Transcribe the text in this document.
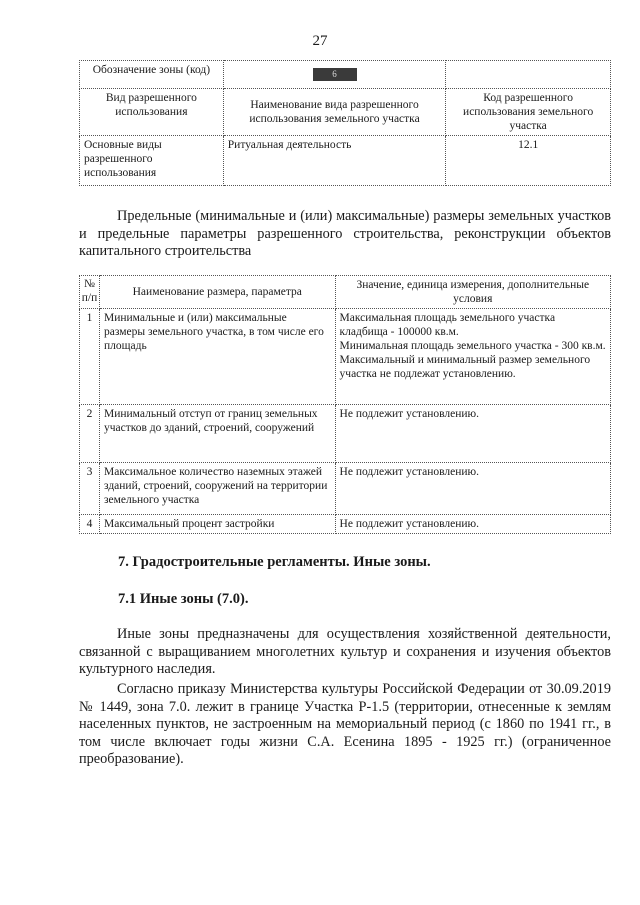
27
Обозначение зоны (код)	6	
Вид разрешенного использования	Наименование вида разрешенного использования земельного участка	Код разрешенного использования земельного участка
Основные виды разрешенного использования	Ритуальная деятельность	12.1
Предельные (минимальные и (или) максимальные) размеры земельных участков и предельные параметры разрешенного строительства, реконструкции объектов капитального строительства
№ п/п	Наименование размера, параметра	Значение, единица измерения, дополнительные условия
1	Минимальные и (или) максимальные размеры земельного участка, в том числе его площадь	Максимальная площадь земельного участка кладбища - 100000 кв.м.
Минимальная площадь земельного участка - 300 кв.м.
Максимальный и минимальный размер земельного участка не подлежат установлению.

2	Минимальный отступ от границ земельных участков до зданий, строений, сооружений	Не подлежит установлению.
3	Максимальное количество наземных этажей зданий, строений, сооружений на территории земельного участка	Не подлежит установлению.
4	Максимальный процент застройки	Не подлежит установлению.
7. Градостроительные регламенты. Иные зоны.
7.1 Иные зоны (7.0).
Иные зоны предназначены для осуществления хозяйственной деятельности, связанной с выращиванием многолетних культур и сохранения и изучения объектов культурного наследия.
Согласно приказу Министерства культуры Российской Федерации от 30.09.2019 № 1449, зона 7.0. лежит в границе Участка Р-1.5 (территории, отнесенные к землям населенных пунктов, не застроенным на мемориальный период (с 1860 по 1941 гг., в том числе включает годы жизни С.А. Есенина 1895 - 1925 гг.) (ограниченное преобразование).
